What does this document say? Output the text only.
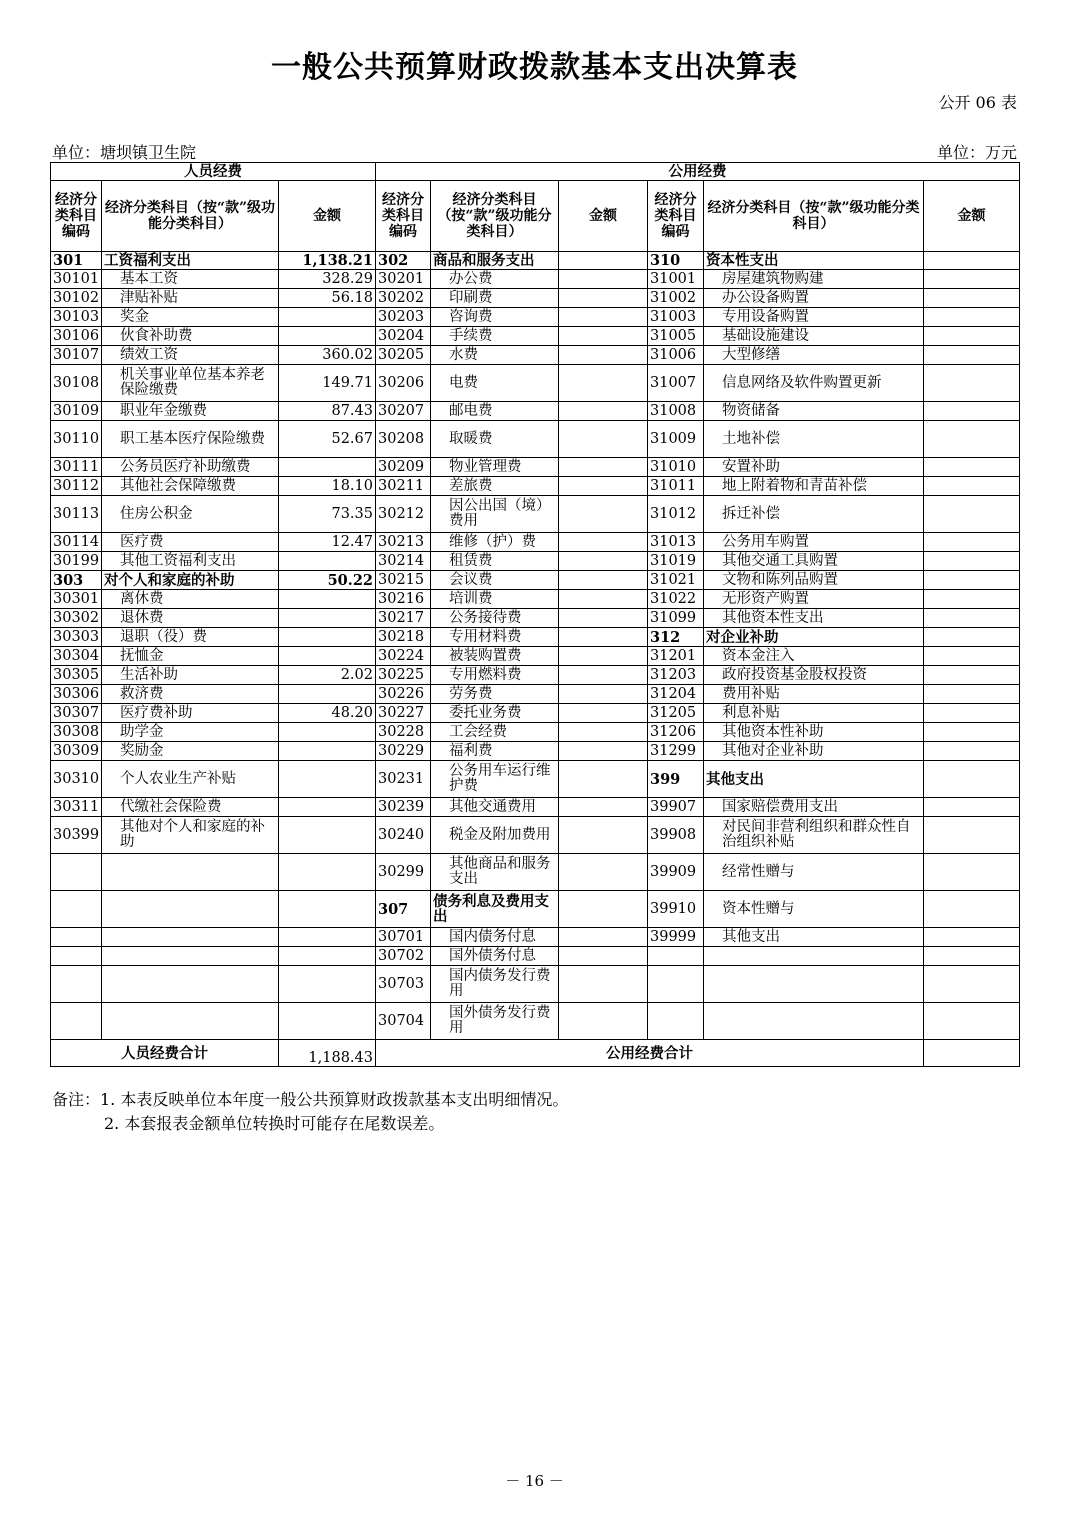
一般公共预算财政拨款基本支出决算表
公开 06 表
单位：塘坝镇卫生院	单位：万元
人员经费			公用经费					
经济分类科目编码	经济分类科目（按“款”级功能分类科目）	金额	经济分类科目编码	经济分类科目（按“款”级功能分类科目）	金额	经济分类科目编码	经济分类科目（按“款”级功能分类科目）	金额
301	工资福利支出	1,138.21	302	商品和服务支出		310	资本性支出	
30101	基本工资	328.29	30201	办公费		31001	房屋建筑物购建	
30102	津贴补贴	56.18	30202	印刷费		31002	办公设备购置	
30103	奖金		30203	咨询费		31003	专用设备购置	
30106	伙食补助费		30204	手续费		31005	基础设施建设	
30107	绩效工资	360.02	30205	水费		31006	大型修缮	
30108	机关事业单位基本养老保险缴费	149.71	30206	电费		31007	信息网络及软件购置更新	
30109	职业年金缴费	87.43	30207	邮电费		31008	物资储备	
30110	职工基本医疗保险缴费	52.67	30208	取暖费		31009	土地补偿	
30111	公务员医疗补助缴费		30209	物业管理费		31010	安置补助	
30112	其他社会保障缴费	18.10	30211	差旅费		31011	地上附着物和青苗补偿	
30113	住房公积金	73.35	30212	因公出国（境）费用		31012	拆迁补偿	
30114	医疗费	12.47	30213	维修（护）费		31013	公务用车购置	
30199	其他工资福利支出		30214	租赁费		31019	其他交通工具购置	
303	对个人和家庭的补助	50.22	30215	会议费		31021	文物和陈列品购置	
30301	离休费		30216	培训费		31022	无形资产购置	
30302	退休费		30217	公务接待费		31099	其他资本性支出	
30303	退职（役）费		30218	专用材料费		312	对企业补助	
30304	抚恤金		30224	被装购置费		31201	资本金注入	
30305	生活补助	2.02	30225	专用燃料费		31203	政府投资基金股权投资	
30306	救济费		30226	劳务费		31204	费用补贴	
30307	医疗费补助	48.20	30227	委托业务费		31205	利息补贴	
30308	助学金		30228	工会经费		31206	其他资本性补助	
30309	奖励金		30229	福利费		31299	其他对企业补助	
30310	个人农业生产补贴		30231	公务用车运行维护费		399	其他支出	
30311	代缴社会保险费		30239	其他交通费用		39907	国家赔偿费用支出	
30399	其他对个人和家庭的补助		30240	税金及附加费用		39908	对民间非营利组织和群众性自治组织补贴	
			30299	其他商品和服务支出		39909	经常性赠与	
			307	债务利息及费用支出		39910	资本性赠与	
			30701	国内债务付息		39999	其他支出	
			30702	国外债务付息				
			30703	国内债务发行费用				
			30704	国外债务发行费用				
人员经费合计		1,188.43	公用经费合计					
备注：1. 本表反映单位本年度一般公共预算财政拨款基本支出明细情况。
2. 本套报表金额单位转换时可能存在尾数误差。
－ 16 －
